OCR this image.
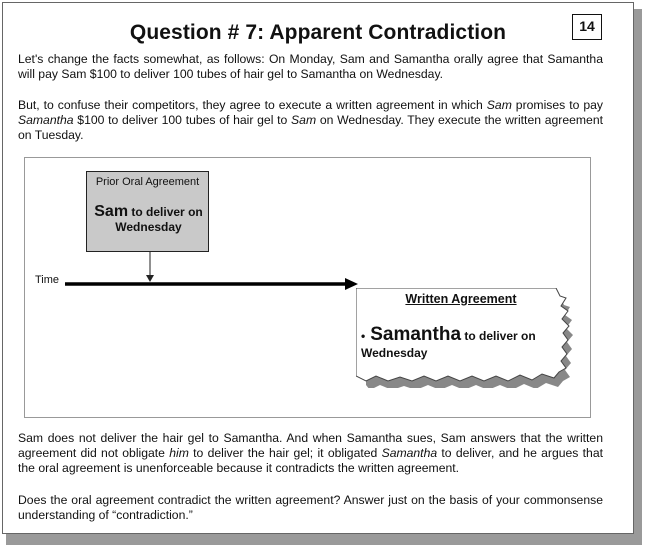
Question # 7: Apparent Contradiction	14

Let's change the facts somewhat, as follows: On Monday, Sam and Samantha orally agree that Samantha will pay Sam $100 to deliver 100 tubes of hair gel to Samantha on Wednesday.

But, to confuse their competitors, they agree to execute a written agreement in which Sam promises to pay Samantha $100 to deliver 100 tubes of hair gel to Sam on Wednesday. They execute the written agreement on Tuesday.

Prior Oral Agreement
Sam to deliver on Wednesday
Time
Written Agreement
• Samantha to deliver on Wednesday

Sam does not deliver the hair gel to Samantha. And when Samantha sues, Sam answers that the written agreement did not obligate him to deliver the hair gel; it obligated Samantha to deliver, and he argues that the oral agreement is unenforceable because it contradicts the written agreement.

Does the oral agreement contradict the written agreement? Answer just on the basis of your commonsense understanding of “contradiction.”
